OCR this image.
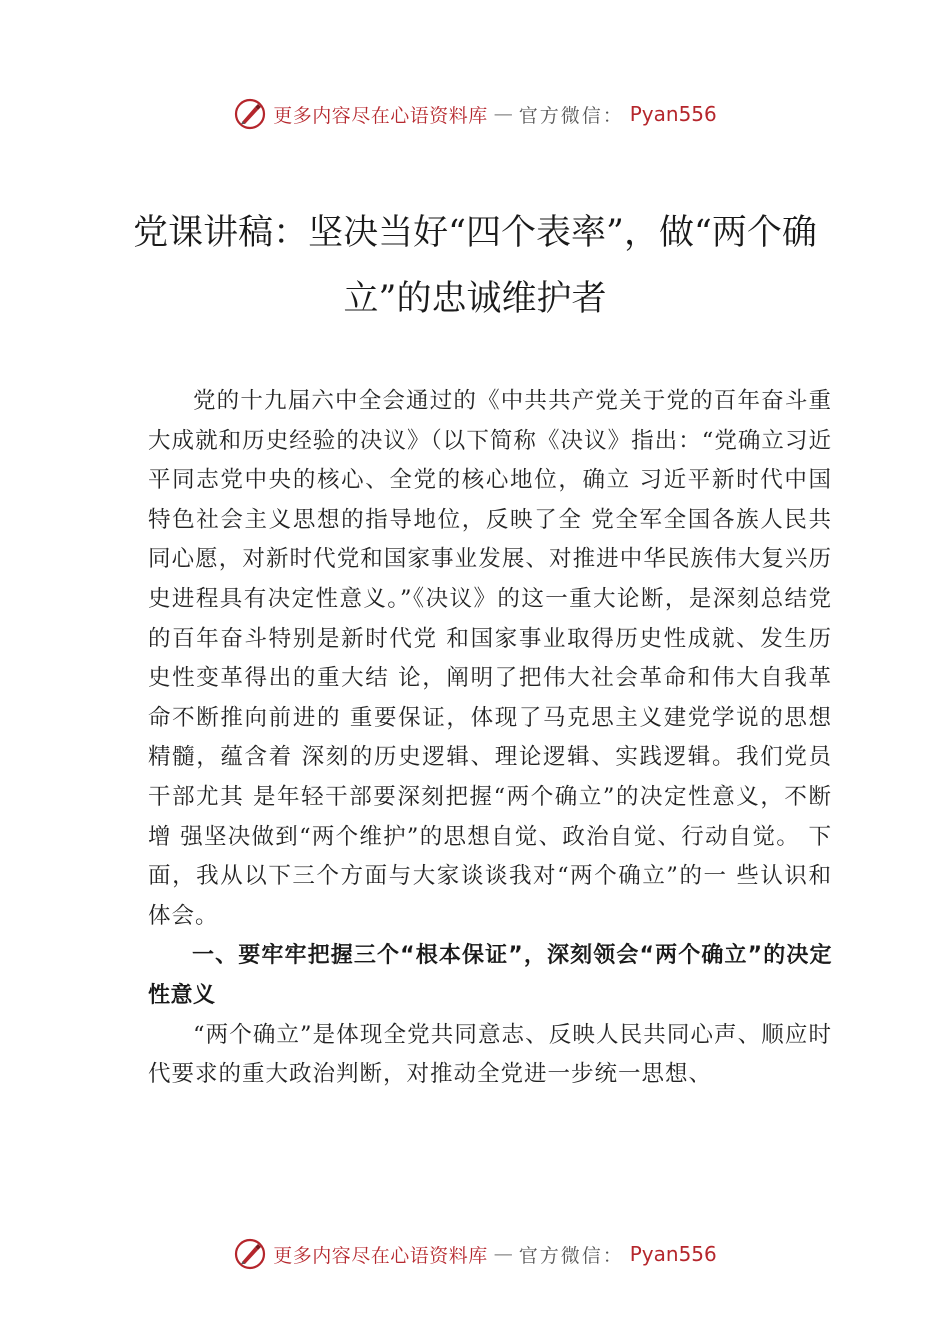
更多内容尽在心语资料库 — 官方微信： Pyan556
党课讲稿：坚决当好“四个表率”，做“两个确立”的忠诚维护者

党的十九届六中全会通过的《中共共产党关于党的百年奋斗重大成就和历史经验的决议》（以下简称《决议》指出：“党确立习近平同志党中央的核心、全党的核心地位，确立 习近平新时代中国特色社会主义思想的指导地位，反映了全 党全军全国各族人民共同心愿，对新时代党和国家事业发展、对推进中华民族伟大复兴历史进程具有决定性意义。”《决议》的这一重大论断，是深刻总结党的百年奋斗特别是新时代党 和国家事业取得历史性成就、发生历史性变革得出的重大结 论，阐明了把伟大社会革命和伟大自我革命不断推向前进的 重要保证，体现了马克思主义建党学说的思想精髓，蕴含着 深刻的历史逻辑、理论逻辑、实践逻辑。我们党员干部尤其 是年轻干部要深刻把握“两个确立”的决定性意义，不断增 强坚决做到“两个维护”的思想自觉、政治自觉、行动自觉。 下面，我从以下三个方面与大家谈谈我对“两个确立”的一 些认识和体会。

一、要牢牢把握三个“根本保证”，深刻领会“两个确立”的决定性意义

“两个确立”是体现全党共同意志、反映人民共同心声、顺应时代要求的重大政治判断，对推动全党进一步统一思想、

更多内容尽在心语资料库 — 官方微信： Pyan556
